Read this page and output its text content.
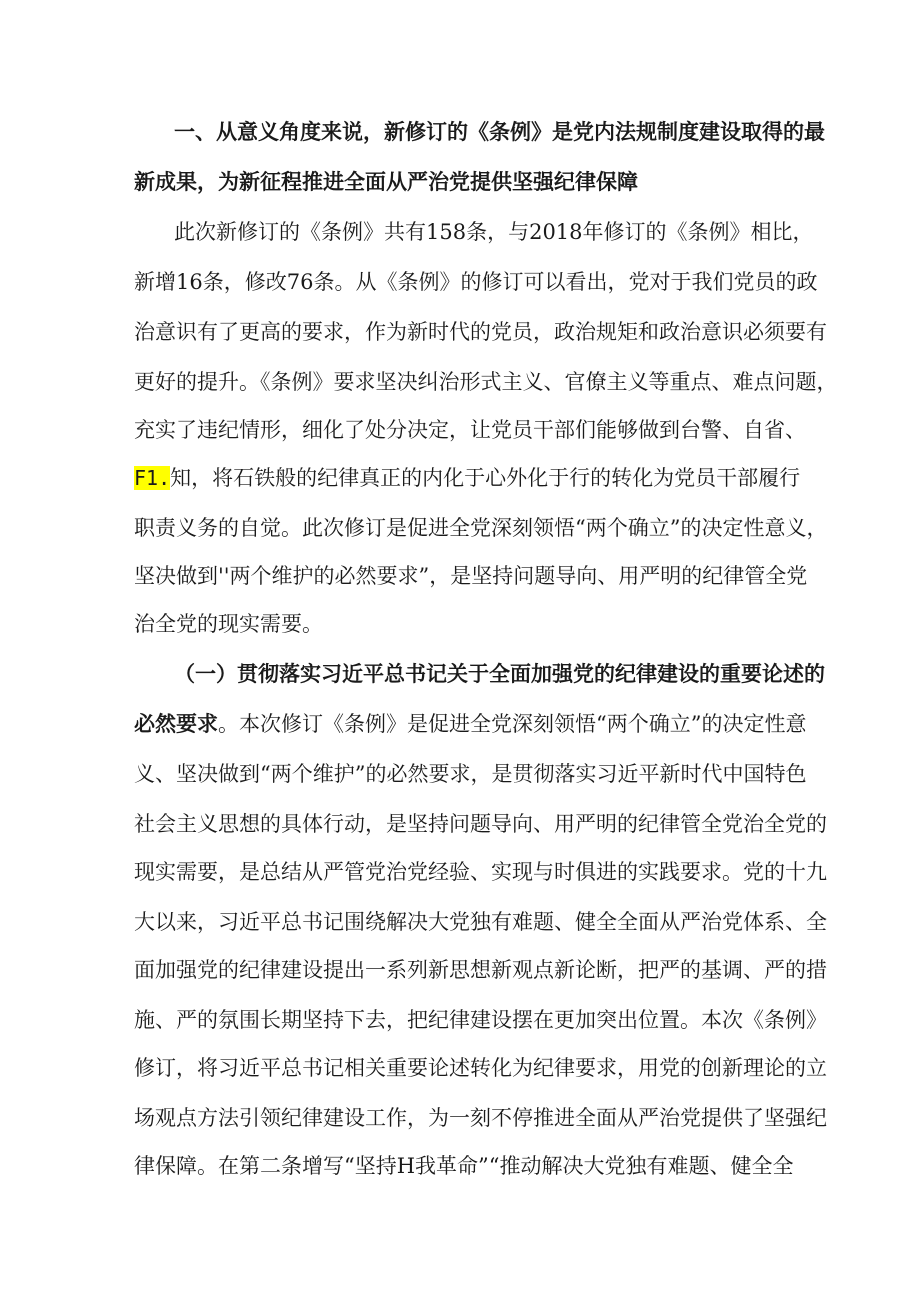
一、从意义角度来说，新修订的《条例》是党内法规制度建设取得的最
新成果，为新征程推进全面从严治党提供坚强纪律保障
此次新修订的《条例》共有158条，与2018年修订的《条例》相比，
新增16条，修改76条。从《条例》的修订可以看出，党对于我们党员的政
治意识有了更高的要求，作为新时代的党员，政治规矩和政治意识必须要有
更好的提升。《条例》要求坚决纠治形式主义、官僚主义等重点、难点问题，
充实了违纪情形，细化了处分决定，让党员干部们能够做到台警、自省、
F1.知，将石铁般的纪律真正的内化于心外化于行的转化为党员干部履行
职责义务的自觉。此次修订是促进全党深刻领悟“两个确立”的决定性意义，
坚决做到''两个维护的必然要求”，是坚持问题导向、用严明的纪律管全党
治全党的现实需要。
（一）贯彻落实习近平总书记关于全面加强党的纪律建设的重要论述的
必然要求。本次修订《条例》是促进全党深刻领悟“两个确立”的决定性意
义、坚决做到“两个维护”的必然要求，是贯彻落实习近平新时代中国特色
社会主义思想的具体行动，是坚持问题导向、用严明的纪律管全党治全党的
现实需要，是总结从严管党治党经验、实现与时俱进的实践要求。党的十九
大以来，习近平总书记围绕解决大党独有难题、健全全面从严治党体系、全
面加强党的纪律建设提出一系列新思想新观点新论断，把严的基调、严的措
施、严的氛围长期坚持下去，把纪律建设摆在更加突出位置。本次《条例》
修订，将习近平总书记相关重要论述转化为纪律要求，用党的创新理论的立
场观点方法引领纪律建设工作，为一刻不停推进全面从严治党提供了坚强纪
律保障。在第二条增写“坚持H我革命”“推动解决大党独有难题、健全全
